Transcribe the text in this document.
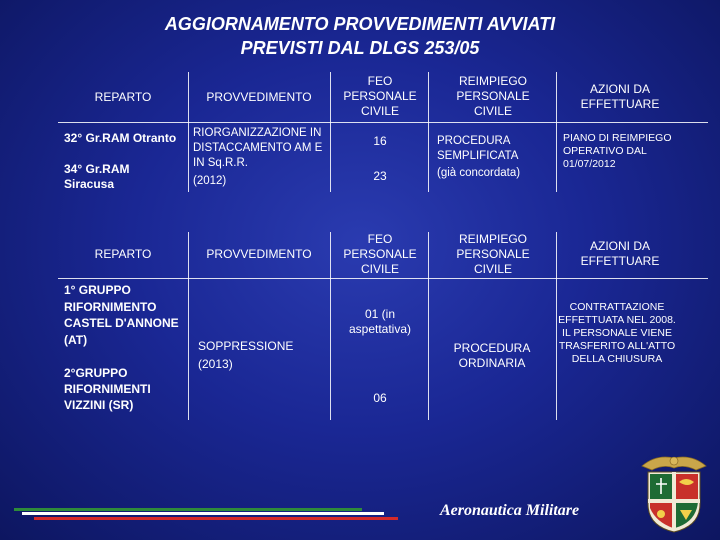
AGGIORNAMENTO PROVVEDIMENTI AVVIATI
PREVISTI DAL DLGS 253/05
REPARTO	PROVVEDIMENTO
FEO PERSONALE CIVILE
REIMPIEGO PERSONALE CIVILE
AZIONI DA EFFETTUARE
32° Gr.RAM Otranto
34° Gr.RAM Siracusa
RIORGANIZZAZIONE IN DISTACCAMENTO AM E IN Sq.R.R.
(2012)
16
23
PROCEDURA SEMPLIFICATA
(già concordata)
PIANO DI REIMPIEGO OPERATIVO DAL 01/07/2012
REPARTO	PROVVEDIMENTO
FEO PERSONALE CIVILE
REIMPIEGO PERSONALE CIVILE
AZIONI DA EFFETTUARE
1° GRUPPO RIFORNIMENTO CASTEL D'ANNONE (AT)
2°GRUPPO RIFORNIMENTI VIZZINI (SR)
SOPPRESSIONE
(2013)
01 (in aspettativa)
06
PROCEDURA ORDINARIA
CONTRATTAZIONE EFFETTUATA NEL 2008. IL PERSONALE VIENE TRASFERITO ALL'ATTO DELLA CHIUSURA
Aeronautica Militare
